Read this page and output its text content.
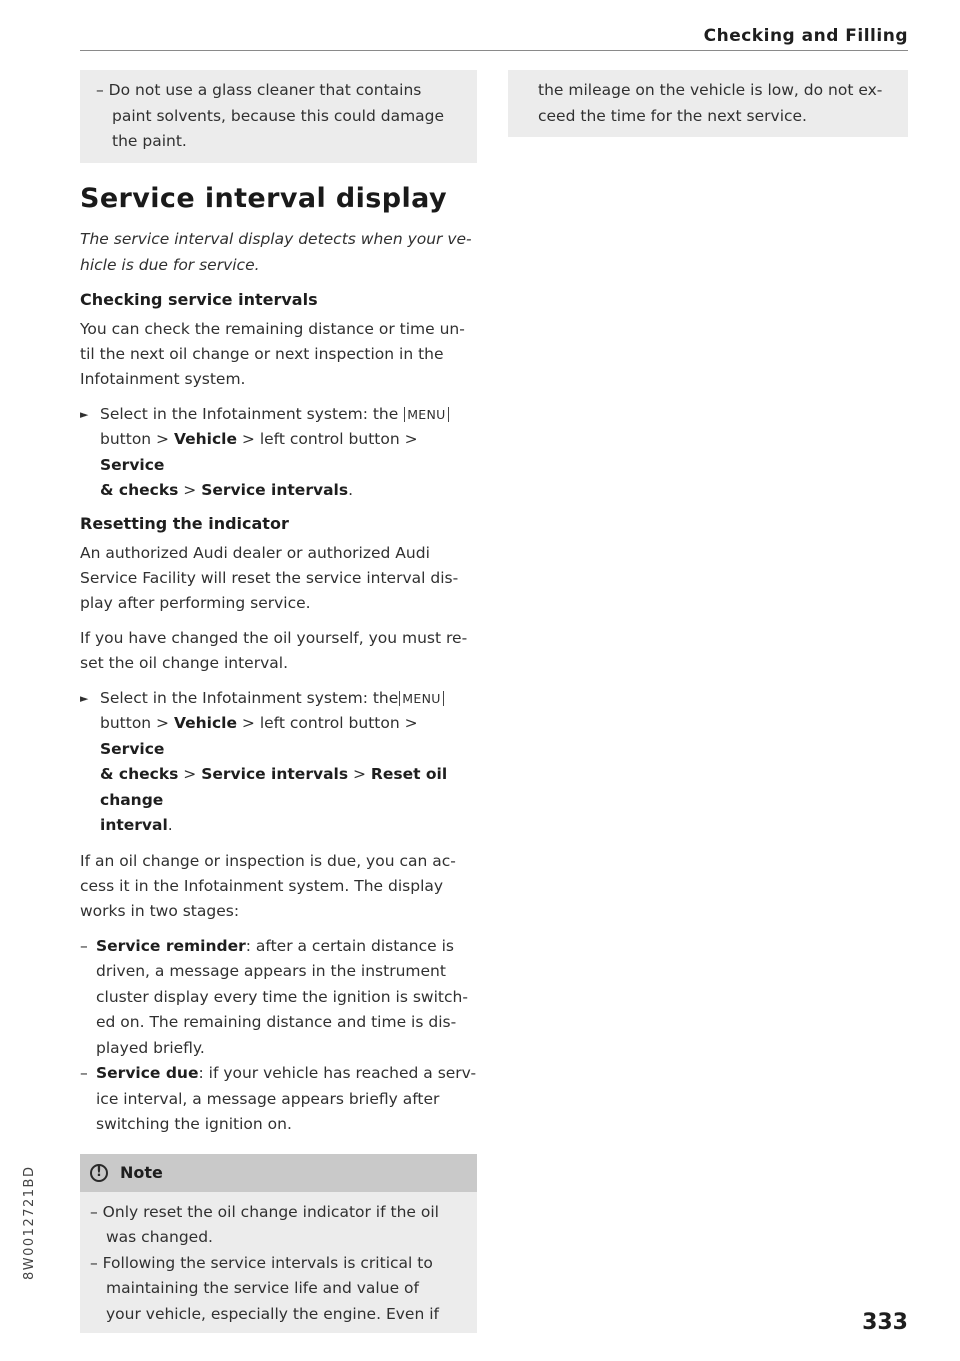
Checking and Filling
– Do not use a glass cleaner that contains
paint solvents, because this could damage
the paint.
Service interval display
The service interval display detects when your ve-
hicle is due for service.
Checking service intervals
You can check the remaining distance or time un-
til the next oil change or next inspection in the
Infotainment system.
► Select in the Infotainment system: the MENU
button > Vehicle > left control button > Service
& checks > Service intervals.
Resetting the indicator
An authorized Audi dealer or authorized Audi
Service Facility will reset the service interval dis-
play after performing service.
If you have changed the oil yourself, you must re-
set the oil change interval.
► Select in the Infotainment system: the MENU
button > Vehicle > left control button > Service
& checks > Service intervals > Reset oil change
interval.
If an oil change or inspection is due, you can ac-
cess it in the Infotainment system. The display
works in two stages:
– Service reminder: after a certain distance is
driven, a message appears in the instrument
cluster display every time the ignition is switch-
ed on. The remaining distance and time is dis-
played briefly.
– Service due: if your vehicle has reached a serv-
ice interval, a message appears briefly after
switching the ignition on.
!	Note
– Only reset the oil change indicator if the oil
was changed.
– Following the service intervals is critical to
maintaining the service life and value of
your vehicle, especially the engine. Even if
the mileage on the vehicle is low, do not ex-
ceed the time for the next service.
8W0012721BD
333
